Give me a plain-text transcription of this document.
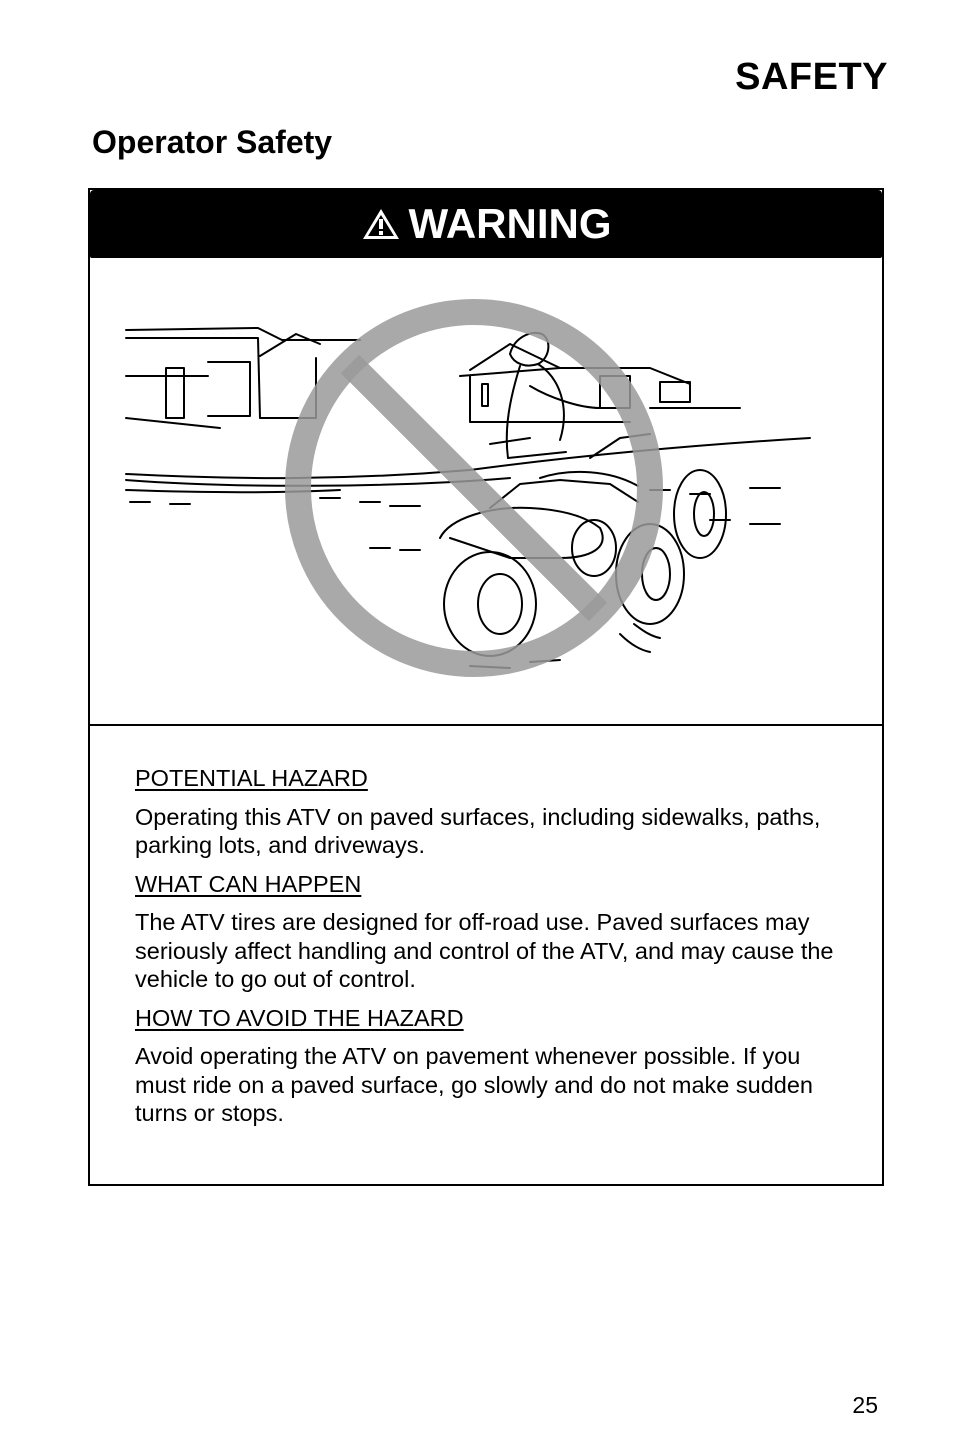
SAFETY
Operator Safety
WARNING
POTENTIAL HAZARD
Operating this ATV on paved surfaces, including sidewalks, paths, parking lots, and driveways.
WHAT CAN HAPPEN
The ATV tires are designed for off-road use. Paved surfaces may seriously affect handling and control of the ATV, and may cause the vehicle to go out of control.
HOW TO AVOID THE HAZARD
Avoid operating the ATV on pavement whenever possible. If you must ride on a paved surface, go slowly and do not make sudden turns or stops.
25
